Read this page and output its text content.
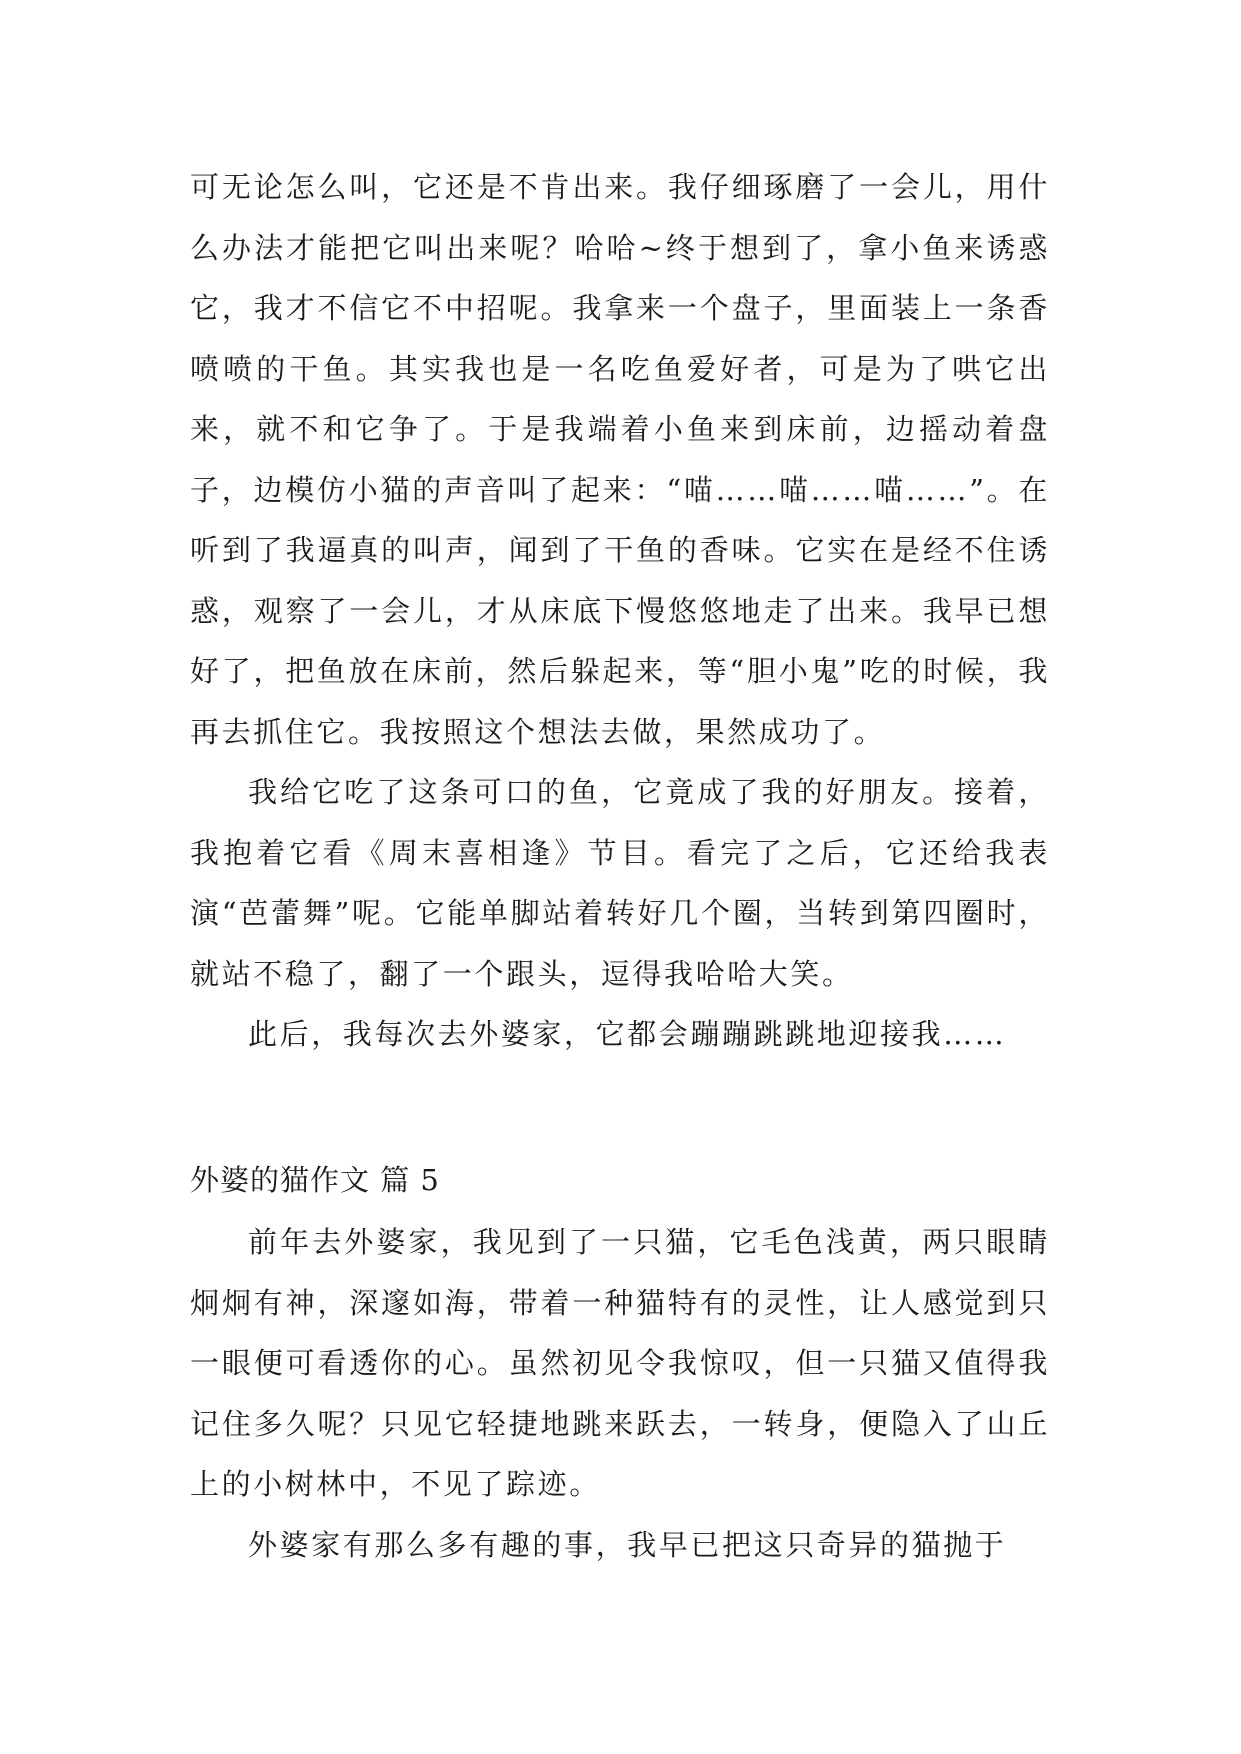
可无论怎么叫，它还是不肯出来。我仔细琢磨了一会儿，用什么办法才能把它叫出来呢？哈哈~终于想到了，拿小鱼来诱惑它，我才不信它不中招呢。我拿来一个盘子，里面装上一条香喷喷的干鱼。其实我也是一名吃鱼爱好者，可是为了哄它出来，就不和它争了。于是我端着小鱼来到床前，边摇动着盘子，边模仿小猫的声音叫了起来：“喵……喵……喵……”。在听到了我逼真的叫声，闻到了干鱼的香味。它实在是经不住诱惑，观察了一会儿，才从床底下慢悠悠地走了出来。我早已想好了，把鱼放在床前，然后躲起来，等“胆小鬼”吃的时候，我再去抓住它。我按照这个想法去做，果然成功了。

我给它吃了这条可口的鱼，它竟成了我的好朋友。接着，我抱着它看《周末喜相逢》节目。看完了之后，它还给我表演“芭蕾舞”呢。它能单脚站着转好几个圈，当转到第四圈时，就站不稳了，翻了一个跟头，逗得我哈哈大笑。

此后，我每次去外婆家，它都会蹦蹦跳跳地迎接我……

外婆的猫作文 篇 5

前年去外婆家，我见到了一只猫，它毛色浅黄，两只眼睛炯炯有神，深邃如海，带着一种猫特有的灵性，让人感觉到只一眼便可看透你的心。虽然初见令我惊叹，但一只猫又值得我记住多久呢？只见它轻捷地跳来跃去，一转身，便隐入了山丘上的小树林中，不见了踪迹。

外婆家有那么多有趣的事，我早已把这只奇异的猫抛于
